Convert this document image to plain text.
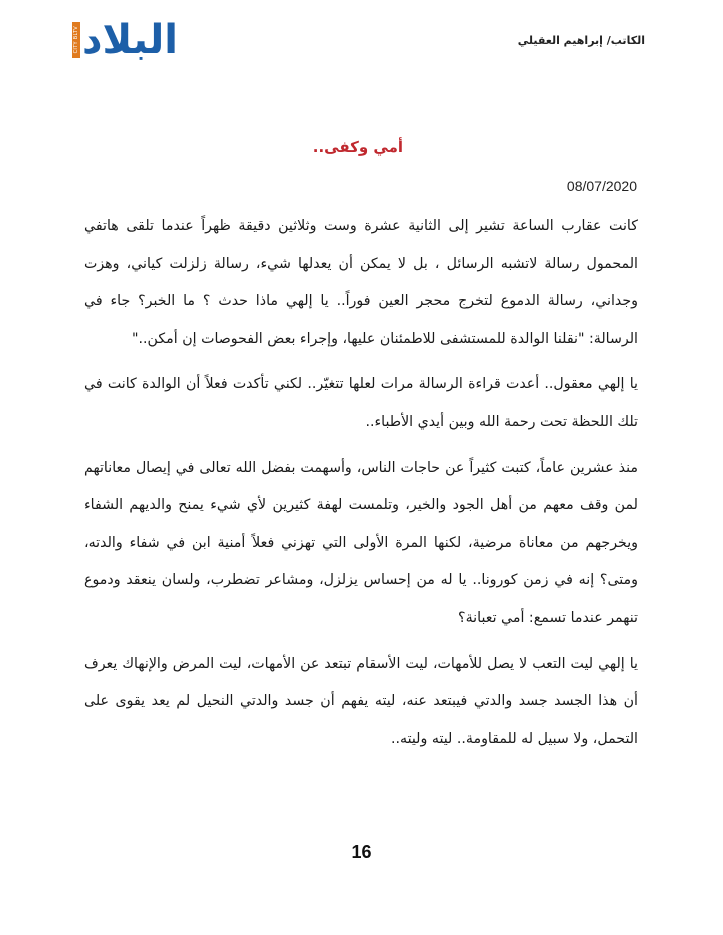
البلاد
CITY BLTV	الكاتب/ إبراهيم العقيلي
أمي وكفى..
08/07/2020

كانت عقارب الساعة تشير إلى الثانية عشرة وست وثلاثين دقيقة ظهراً عندما تلقى هاتفي المحمول رسالة لاتشبه الرسائل ، بل لا يمكن أن يعدلها شيء، رسالة زلزلت كياني، وهزت وجداني، رسالة الدموع لتخرج محجر العين فوراً.. يا إلهي ماذا حدث ؟ ما الخبر؟ جاء في الرسالة: "نقلنا الوالدة للمستشفى للاطمئنان عليها، وإجراء بعض الفحوصات إن أمكن.."

يا إلهي معقول.. أعدت قراءة الرسالة مرات لعلها تتغيّر.. لكني تأكدت فعلاً أن الوالدة كانت في تلك اللحظة تحت رحمة الله وبين أيدي الأطباء..

منذ عشرين عاماً، كتبت كثيراً عن حاجات الناس، وأسهمت بفضل الله تعالى في إيصال معاناتهم لمن وقف معهم من أهل الجود والخير، وتلمست لهفة كثيرين لأي شيء يمنح والديهم الشفاء ويخرجهم من معاناة مرضية، لكنها المرة الأولى التي تهزني فعلاً أمنية ابن في شفاء والدته، ومتى؟ إنه في زمن كورونا.. يا له من إحساس يزلزل، ومشاعر تضطرب، ولسان ينعقد ودموع تنهمر عندما تسمع: أمي تعبانة؟

يا إلهي ليت التعب لا يصل للأمهات، ليت الأسقام تبتعد عن الأمهات، ليت المرض والإنهاك يعرف أن هذا الجسد جسد والدتي فيبتعد عنه، ليته يفهم أن جسد والدتي النحيل لم يعد يقوى على التحمل، ولا سبيل له للمقاومة.. ليته وليته..

16
